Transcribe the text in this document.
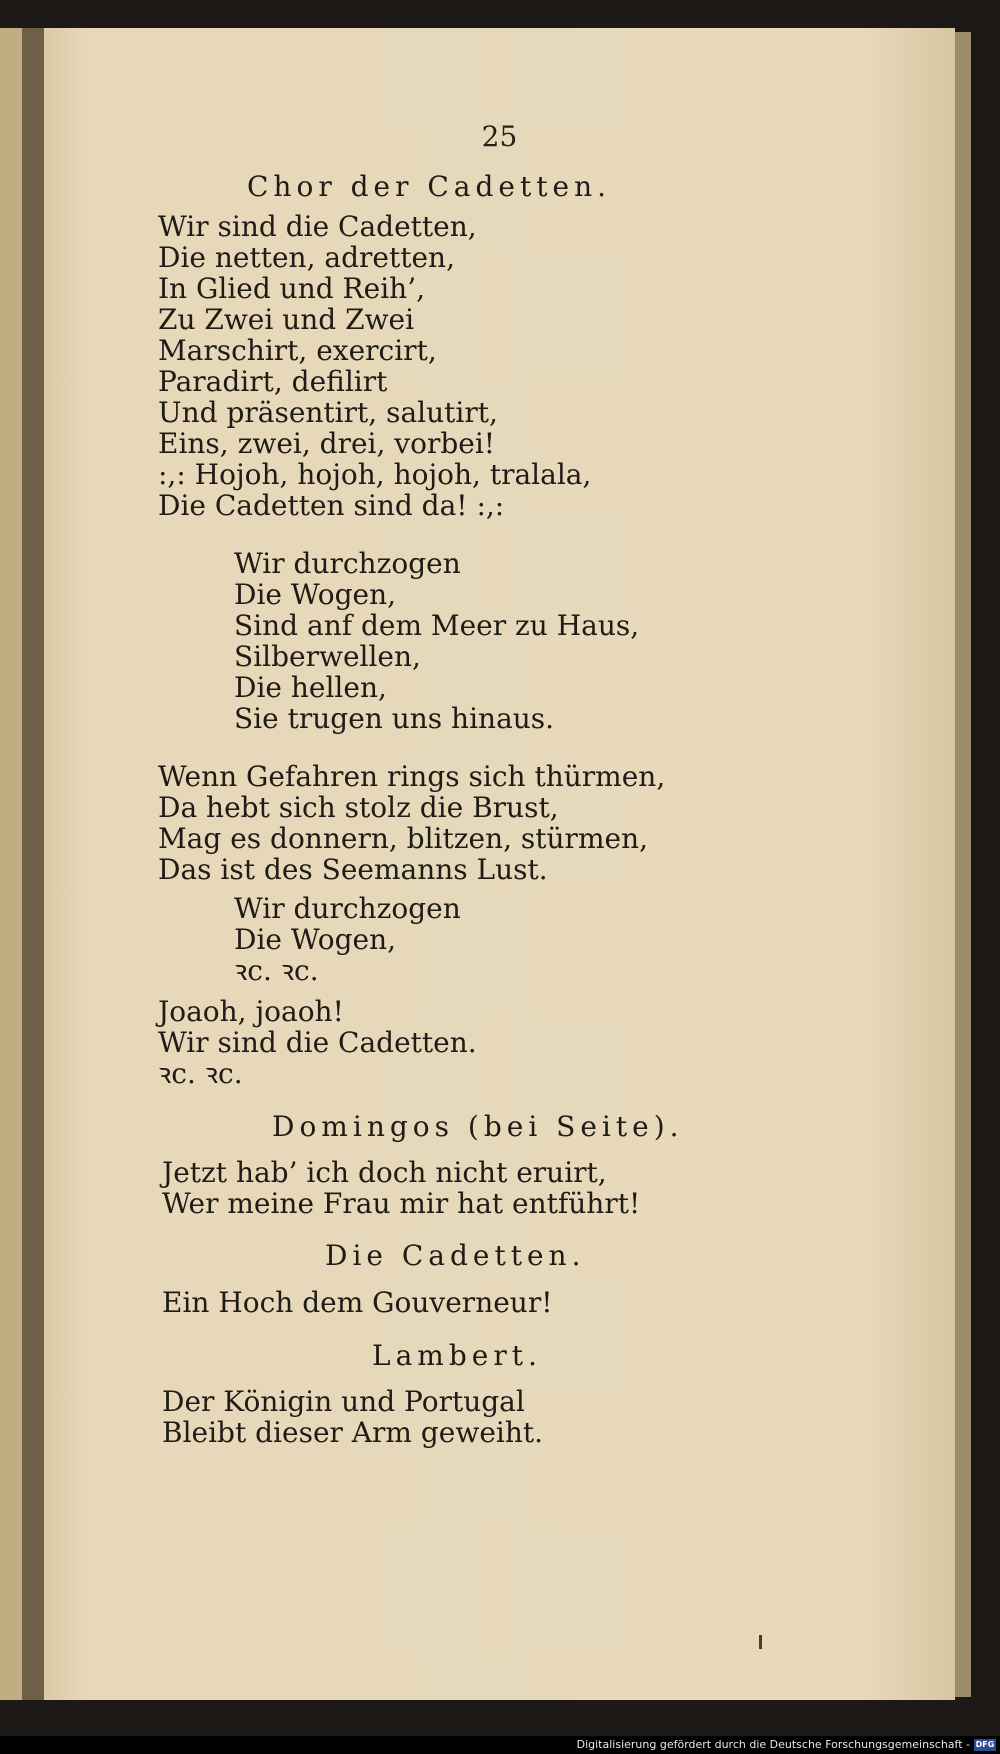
25
Chor der Cadetten.
Wir sind die Cadetten,
Die netten, adretten,
In Glied und Reih’,
Zu Zwei und Zwei
Marschirt, exercirt,
Paradirt, defilirt
Und präsentirt, salutirt,
Eins, zwei, drei, vorbei!
:,: Hojoh, hojoh, hojoh, tralala,
Die Cadetten sind da! :,:
Wir durchzogen
Die Wogen,
Sind anf dem Meer zu Haus,
Silberwellen,
Die hellen,
Sie trugen uns hinaus.
Wenn Gefahren rings sich thürmen,
Da hebt sich stolz die Brust,
Mag es donnern, blitzen, stürmen,
Das ist des Seemanns Lust.
Wir durchzogen
Die Wogen,
ꝛc. ꝛc.
Joaoh, joaoh!
Wir sind die Cadetten.
ꝛc. ꝛc.
Domingos (bei Seite).
Jetzt hab’ ich doch nicht eruirt,
Wer meine Frau mir hat entführt!
Die Cadetten.
Ein Hoch dem Gouverneur!
Lambert.
Der Königin und Portugal
Bleibt dieser Arm geweiht.
Digitalisierung gefördert durch die Deutsche Forschungsgemeinschaft - DFG
